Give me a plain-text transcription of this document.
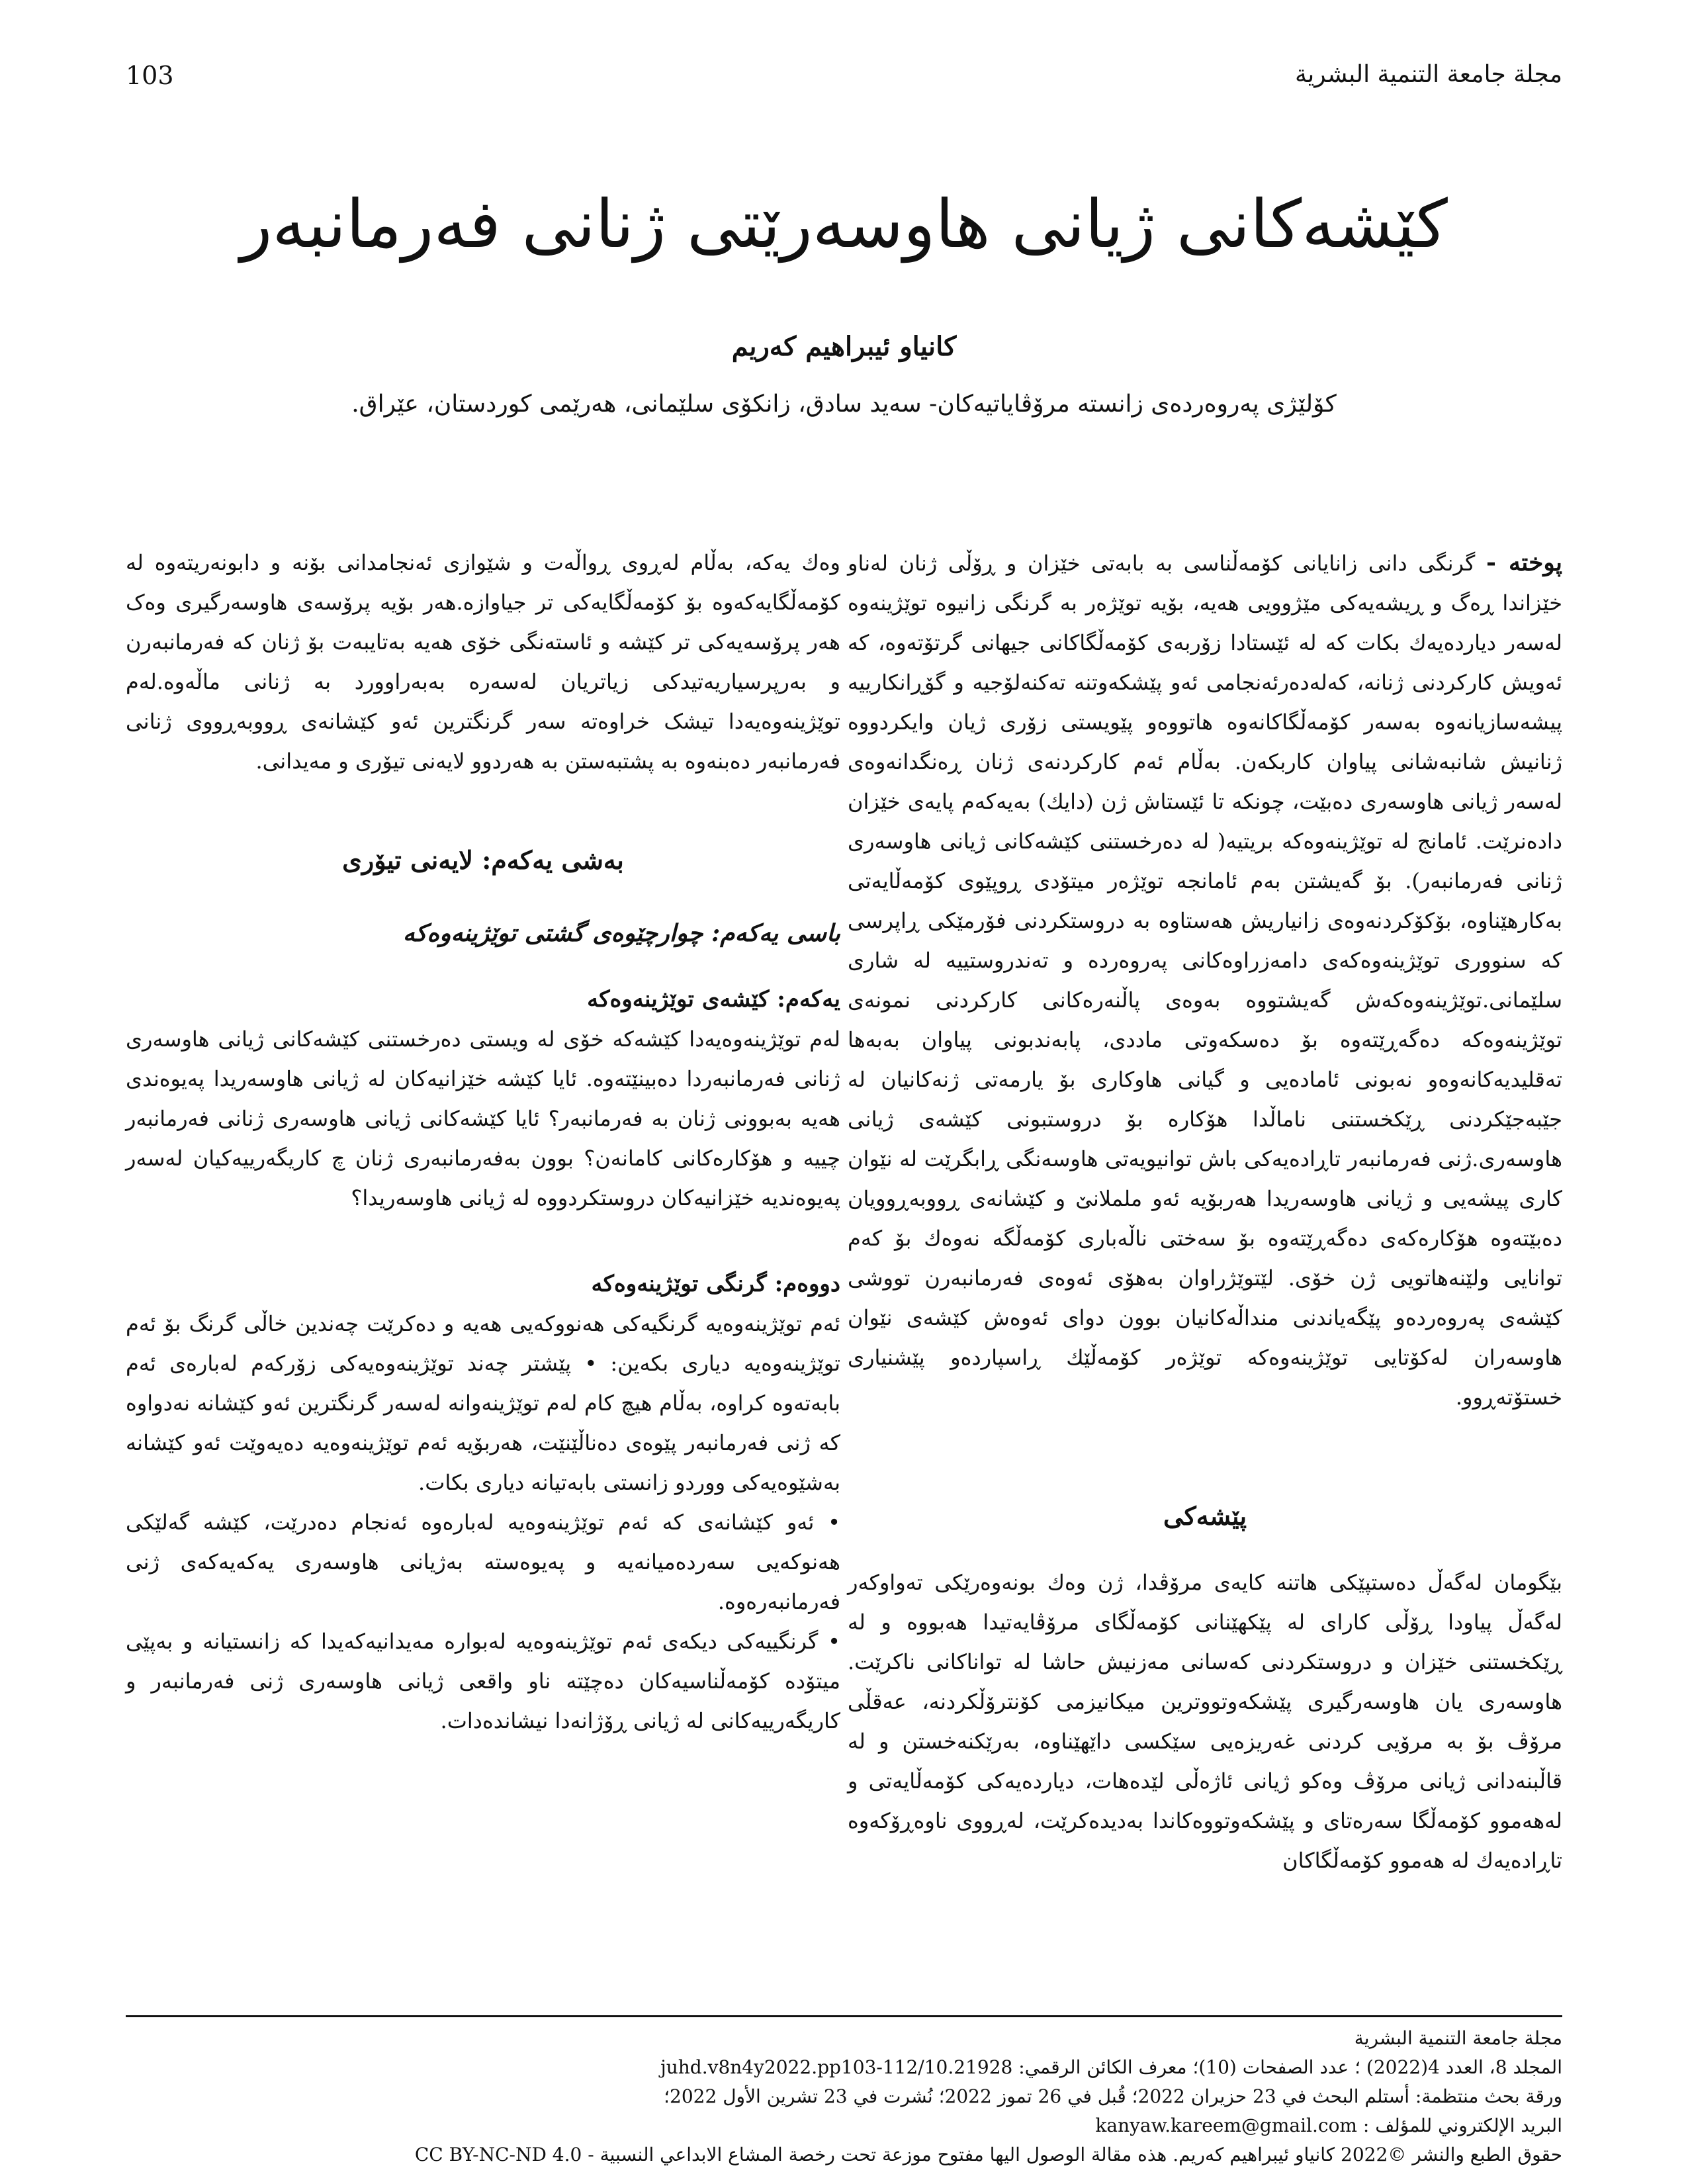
103	مجلة جامعة التنمية البشرية
کێشەکانی ژیانی هاوسەرێتی ژنانی فەرمانبەر
كانياو ئيبراهيم كەريم
کۆلێژی پەروەردەی زانستە مرۆڤایاتیەکان- سەید سادق، زانکۆی سلێمانی، هەرێمی کوردستان، عێراق.

پوختە - گرنگی دانی زانایانی کۆمەڵناسی بە بابەتی خێزان و ڕۆڵی ژنان لەناو خێزاندا ڕەگ و ڕیشەیەکی مێژوویی هەیە، بۆیە توێژەر بە گرنگی زانیوە توێژینەوە لەسەر دیاردەیەك بكات كە لە ئێستادا زۆربەی کۆمەڵگاکانی جیهانی گرتۆتەوە، کە ئەویش کارکردنی ژنانە، کەلەدەرئەنجامی ئەو پێشکەوتنە تەکنەلۆجیە و گۆڕانکارییە پیشەسازیانەوە بەسەر کۆمەڵگاکانەوە هاتووەو پێویستی زۆری ژیان وایکردووە ژنانیش شانبەشانی پیاوان کاربکەن. بەڵام ئەم کارکردنەی ژنان ڕەنگدانەوەی لەسەر ژیانی هاوسەری دەبێت، چونکە تا ئێستاش ژن (دایك) بەیەکەم پایەی خێزان دادەنرێت. ئامانج لە توێژینەوەکە بریتیە( لە دەرخستنی کێشەکانی ژیانی هاوسەری ژنانی فەرمانبەر). بۆ گەیشتن بەم ئامانجە توێژەر میتۆدی ڕوپێوی کۆمەڵایەتی بەکارهێناوە، بۆکۆکردنەوەی زانیاریش هەستاوە بە دروستکردنی فۆرمێکی ڕاپرسی کە سنووری توێژینەوەکەی دامەزراوەکانی پەروەردە و تەندروستییە لە شاری سلێمانی.توێژینەوەکەش گەیشتووە بەوەی پاڵنەرەکانی کارکردنی نمونەی توێژینەوەکە دەگەڕێتەوە بۆ دەسکەوتی ماددی، پابەندبونی پیاوان بەبەها تەقلیدیەکانەوەو نەبونی ئامادەیی و گیانی هاوکاری بۆ یارمەتی ژنەکانیان لە جێبەجێکردنی ڕێکخستنی ناماڵدا هۆکارە بۆ دروستبونی کێشەی ژیانی هاوسەری.ژنی فەرمانبەر تاڕادەیەکی باش توانیویەتی هاوسەنگی ڕابگرێت لە نێوان کاری پیشەیی و ژیانی هاوسەریدا هەربۆیە ئەو ململانێ و کێشانەی ڕووبەڕوویان دەبێتەوە هۆکارەکەی دەگەڕێتەوە بۆ سەختی ناڵەباری کۆمەڵگە نەوەك بۆ کەم توانایی ولێنەهاتویی ژن خۆی. لێتوێژراوان بەهۆی ئەوەی فەرمانبەرن تووشی کێشەی پەروەردەو پێگەیاندنی منداڵەکانیان بوون دوای ئەوەش کێشەی نێوان هاوسەران لەکۆتایی توێژینەوەکە توێژەر کۆمەڵێك ڕاسپاردەو پێشنیاری خستۆتەڕوو.

پێشەکی

بێگومان لەگەڵ دەستپێکی هاتنە کایەی مرۆڤدا، ژن وەك بونەوەرێکی تەواوکەر لەگەڵ پیاودا ڕۆڵی کارای لە پێکهێنانی کۆمەڵگای مرۆڤایەتیدا هەبووە و لە ڕێکخستنی خێزان و دروستکردنی کەسانی مەزنیش حاشا لە تواناکانی ناکرێت. هاوسەری یان هاوسەرگیری پێشکەوتووترین میکانیزمی کۆنترۆڵکردنە، عەقڵی مرۆڤ بۆ بە مرۆیی کردنی غەریزەیی سێکسی داێهێناوە، بەرێکنەخستن و لە قاڵبنەدانی ژیانی مرۆڤ وەکو ژیانی ئاژەڵی لێدەهات، دیاردەیەکی کۆمەڵایەتی و لەهەموو کۆمەڵگا سەرەتای و پێشکەوتووەکاندا بەدیدەکرێت، لەڕووی ناوەڕۆکەوە تاڕادەیەك لە هەموو کۆمەڵگاکان

وەك یەکە، بەڵام لەڕوی ڕواڵەت و شێوازی ئەنجامدانی بۆنە و دابونەریتەوە لە کۆمەڵگایەکەوە بۆ کۆمەڵگایەکی تر جیاوازە.هەر بۆیە پرۆسەی هاوسەرگیری وەک هەر پرۆسەیەکی تر کێشە و ئاستەنگی خۆی هەیە بەتایبەت بۆ ژنان کە فەرمانبەرن و بەرپرسیاریەتیدکی زیاتریان لەسەرە بەبەراوورد بە ژنانی ماڵەوە.لەم توێژینەوەیەدا تیشک خراوەتە سەر گرنگترین ئەو کێشانەی ڕووبەڕووی ژنانی فەرمانبەر دەبنەوە بە پشتبەستن بە هەردوو لایەنی تیۆری و مەیدانی.

بەشی یەکەم: لایەنی تیۆری

باسی یەکەم: چوارچێوەی گشتی توێژینەوەکە

یەکەم: کێشەی توێژینەوەکە

لەم توێژینەوەیەدا کێشەکە خۆی لە ویستی دەرخستنی کێشەکانی ژیانی هاوسەری ژنانی فەرمانبەردا دەبینێتەوە. ئایا کێشە خێزانیەکان لە ژیانی هاوسەریدا پەیوەندی هەیە بەبوونی ژنان بە فەرمانبەر؟ ئایا کێشەکانی ژیانی هاوسەری ژنانی فەرمانبەر چییە و هۆکارەکانی کامانەن؟ بوون بەفەرمانبەری ژنان چ کاریگەرییەکیان لەسەر پەیوەندیە خێزانیەکان دروستکردووە لە ژیانی هاوسەریدا؟

دووەم: گرنگی توێژینەوەکە

ئەم توێژینەوەیە گرنگیەکی هەنووکەیی هەیە و دەکرێت چەندین خاڵی گرنگ بۆ ئەم توێژینەوەیە دیاری بکەین: • پێشتر چەند توێژینەوەیەکی زۆرکەم لەبارەی ئەم بابەتەوە کراوە، بەڵام هیچ کام لەم توێژینەوانە لەسەر گرنگترین ئەو کێشانە نەدواوە کە ژنی فەرمانبەر پێوەی دەناڵێنێت، هەربۆیە ئەم توێژینەوەیە دەیەوێت ئەو کێشانە بەشێوەیەکی ووردو زانستی بابەتیانە دیاری بکات.

• ئەو کێشانەی کە ئەم توێژینەوەیە لەبارەوە ئەنجام دەدرێت، کێشە گەلێکی هەنوکەیی سەردەمیانەیە و پەیوەستە بەژیانی هاوسەری یەکەیەکەی ژنی فەرمانبەرەوە.

• گرنگییەکی دیکەی ئەم توێژینەوەیە لەبواره مەیدانیەکەیدا کە زانستیانە و بەپێی میتۆدە کۆمەڵناسیەکان دەچێتە ناو واقعی ژیانی هاوسەری ژنی فەرمانبەر و کاریگەرییەکانی لە ژیانی ڕۆژانەدا نیشاندەدات.

مجلة جامعة التنمية البشرية
المجلد 8، العدد 4(2022) ؛ عدد الصفحات (10)؛ معرف الكائن الرقمي: 10.21928/juhd.v8n4y2022.pp103-112
ورقة بحث منتظمة: أستلم البحث في 23 حزيران 2022؛ قُبل في 26 تموز 2022؛ نُشرت في 23 تشرين الأول 2022؛
البريد الإلكتروني للمؤلف : kanyaw.kareem@gmail.com
حقوق الطبع والنشر ©2022 كانياو ئيبراهيم كەريم. هذه مقالة الوصول اليها مفتوح موزعة تحت رخصة المشاع الابداعي النسبية - CC BY-NC-ND 4.0
